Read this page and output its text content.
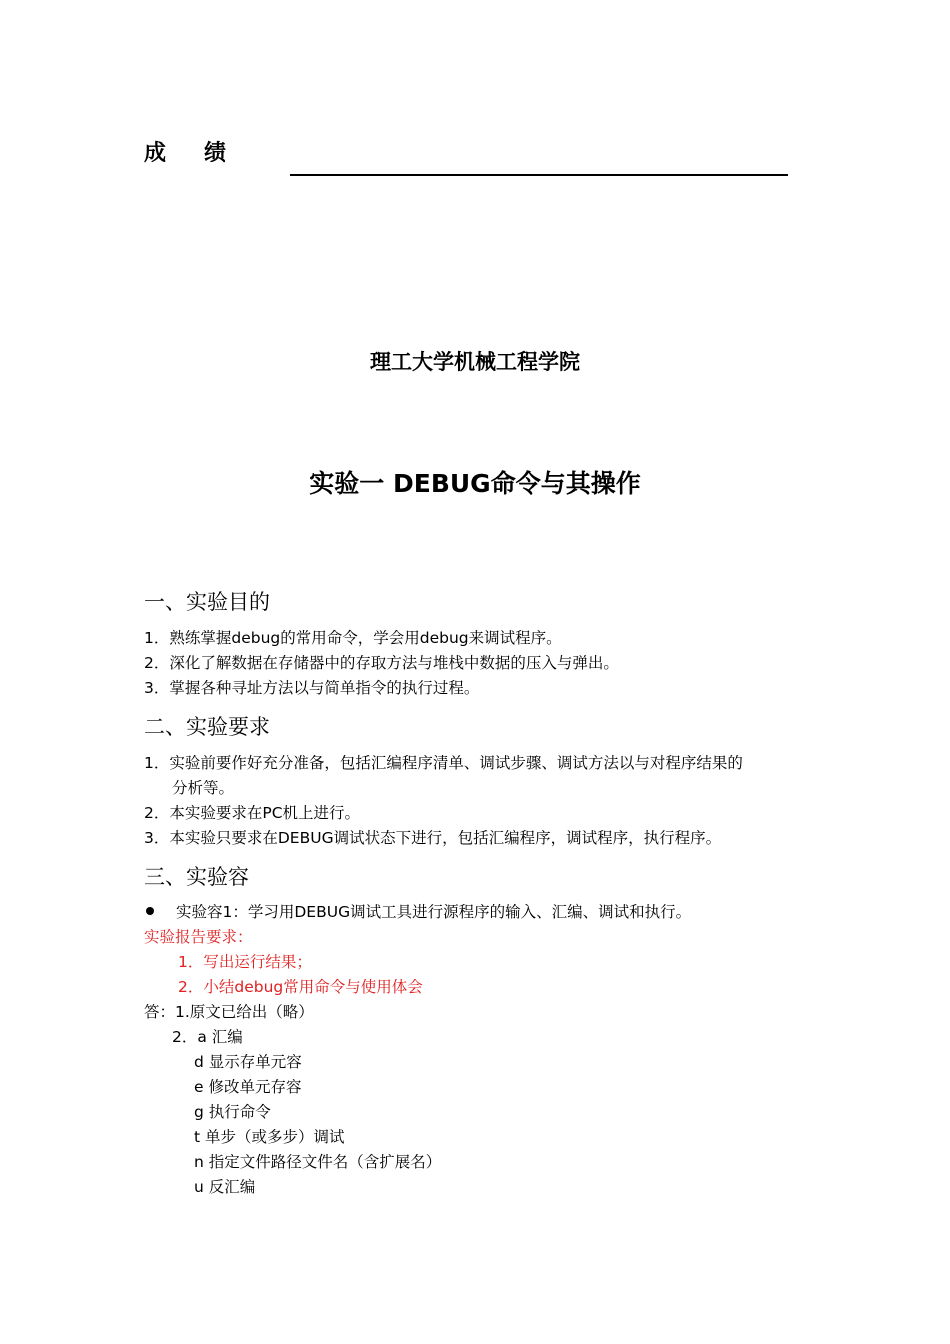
成 绩
理工大学机械工程学院
实验一 DEBUG命令与其操作
一、实验目的
1．熟练掌握debug的常用命令，学会用debug来调试程序。
2．深化了解数据在存储器中的存取方法与堆栈中数据的压入与弹出。
3．掌握各种寻址方法以与简单指令的执行过程。
二、实验要求
1．实验前要作好充分准备，包括汇编程序清单、调试步骤、调试方法以与对程序结果的
分析等。
2．本实验要求在PC机上进行。
3．本实验只要求在DEBUG调试状态下进行，包括汇编程序，调试程序，执行程序。
三、实验容
实验容1：学习用DEBUG调试工具进行源程序的输入、汇编、调试和执行。
实验报告要求：
1．写出运行结果；
2．小结debug常用命令与使用体会
答：1.原文已给出（略）
2．a 汇编
d 显示存单元容
e 修改单元存容
g 执行命令
t 单步（或多步）调试
n 指定文件路径文件名（含扩展名）
u 反汇编
